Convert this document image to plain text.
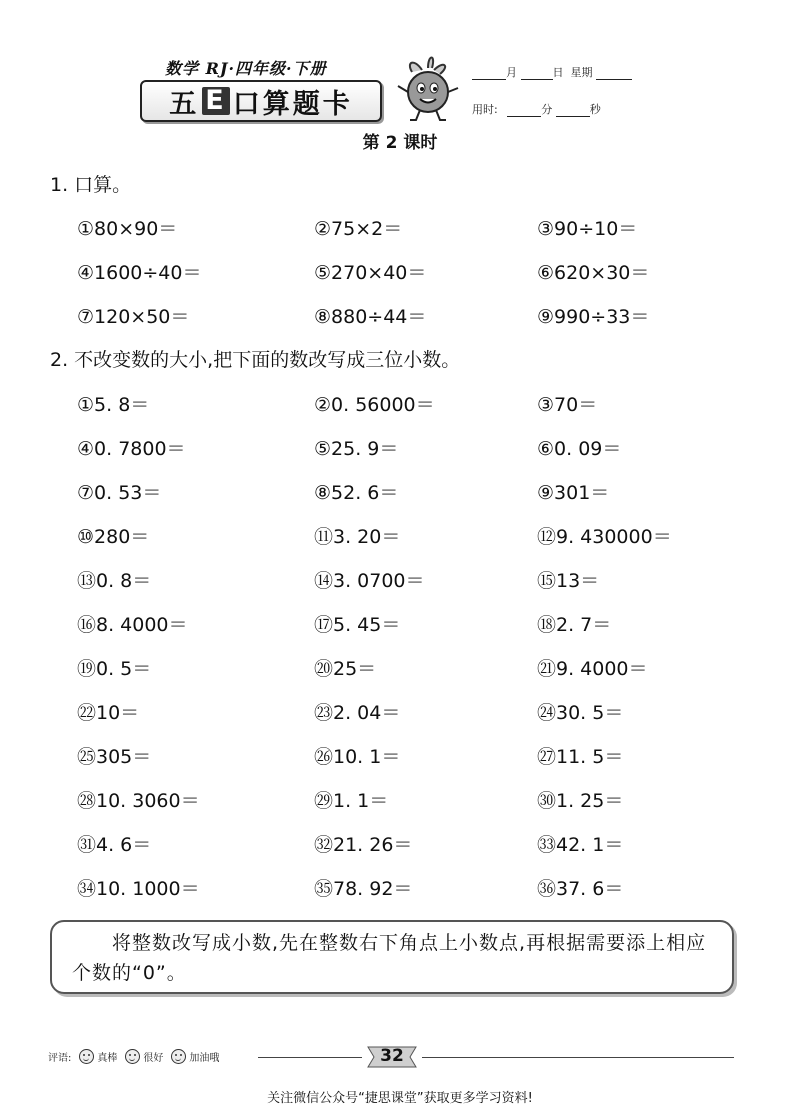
数学 RJ·四年级·下册
五 E 口算题卡
月	日 星期
用时:	分	秒
第 2 课时
1. 口算。
①80×90＝	②75×2＝	③90÷10＝
④1600÷40＝	⑤270×40＝	⑥620×30＝
⑦120×50＝	⑧880÷44＝	⑨990÷33＝
2. 不改变数的大小,把下面的数改写成三位小数。
①5. 8＝	②0. 56000＝	③70＝
④0. 7800＝	⑤25. 9＝	⑥0. 09＝
⑦0. 53＝	⑧52. 6＝	⑨301＝
⑩280＝	⑪3. 20＝	⑫9. 430000＝
⑬0. 8＝	⑭3. 0700＝	⑮13＝
⑯8. 4000＝	⑰5. 45＝	⑱2. 7＝
⑲0. 5＝	⑳25＝	㉑9. 4000＝
㉒10＝	㉓2. 04＝	㉔30. 5＝
㉕305＝	㉖10. 1＝	㉗11. 5＝
㉘10. 3060＝	㉙1. 1＝	㉚1. 25＝
㉛4. 6＝	㉜21. 26＝	㉝42. 1＝
㉞10. 1000＝	㉟78. 92＝	㊱37. 6＝
将整数改写成小数,先在整数右下角点上小数点,再根据需要添上相应个数的“0”。
评语:	真棒	很好	加油哦	32
关注微信公众号“捷思课堂”获取更多学习资料!
